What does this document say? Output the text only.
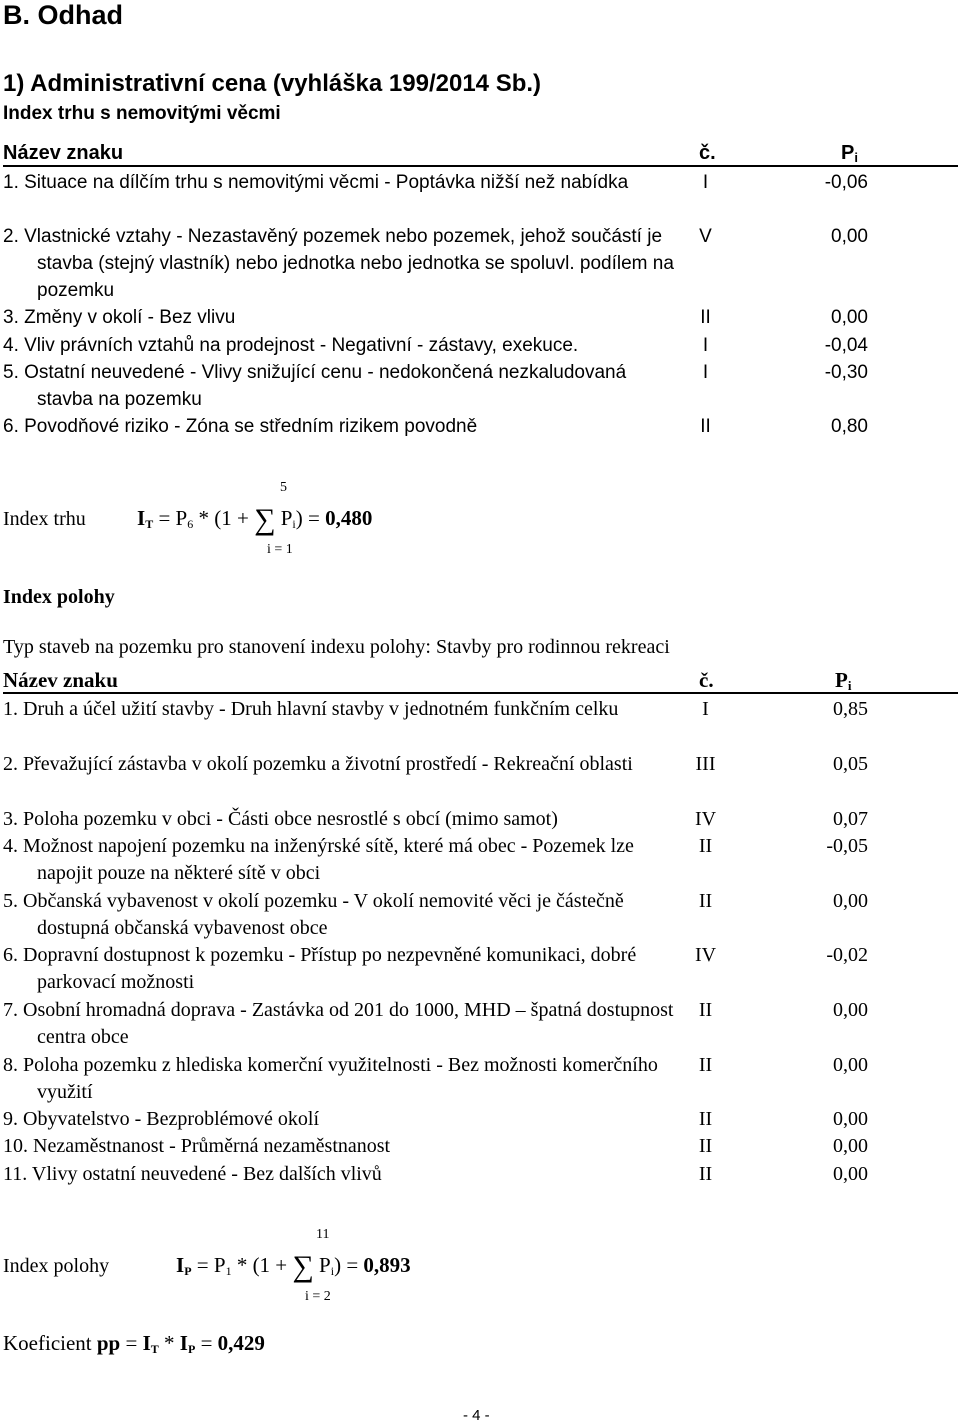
B. Odhad
1) Administrativní cena (vyhláška 199/2014 Sb.)
Index trhu s nemovitými věcmi
Název znaku	č.	$P_i$
1. Situace na dílčím trhu s nemovitými věcmi - Poptávka nižší než nabídka	I	-0,06
2. Vlastnické vztahy - Nezastavěný pozemek nebo pozemek, jehož součástí je stavba (stejný vlastník) nebo jednotka nebo jednotka se spoluvl. podílem na pozemku
V	0,00
3. Změny v okolí - Bez vlivu	II	0,00
4. Vliv právních vztahů na prodejnost - Negativní - zástavy, exekuce.	I	-0,04
5. Ostatní neuvedené - Vlivy snižující cenu - nedokončená nezkaludovaná stavba na pozemku
I	-0,30
6. Povodňové riziko - Zóna se středním rizikem povodně	II	0,80
Index trhu
5
i = 1
$I_T = P_6 * (1$ + ∑ $P_i) = 0,480$
Index polohy
Typ staveb na pozemku pro stanovení indexu polohy: Stavby pro rodinnou rekreaci
Název znaku	č.	$P_i$
1. Druh a účel užití stavby - Druh hlavní stavby v jednotném funkčním celku	I	0,85
2. Převažující zástavba v okolí pozemku a životní prostředí - Rekreační oblasti	III	0,05
3. Poloha pozemku v obci - Části obce nesrostlé s obcí (mimo samot)	IV	0,07
4. Možnost napojení pozemku na inženýrské sítě, které má obec - Pozemek lze napojit pouze na některé sítě v obci
II	-0,05
5. Občanská vybavenost v okolí pozemku - V okolí nemovité věci je částečně dostupná občanská vybavenost obce
II	0,00
6. Dopravní dostupnost k pozemku - Přístup po nezpevněné komunikaci, dobré parkovací možnosti
IV	-0,02
7. Osobní hromadná doprava - Zastávka od 201 do 1000, MHD – špatná dostupnost centra obce
II	0,00
8. Poloha pozemku z hlediska komerční využitelnosti - Bez možnosti komerčního využití
II	0,00
9. Obyvatelstvo - Bezproblémové okolí	II	0,00
10. Nezaměstnanost - Průměrná nezaměstnanost	II	0,00
11. Vlivy ostatní neuvedené - Bez dalších vlivů	II	0,00
Index polohy
11
i = 2
$I_P = P_1 * (1$ + ∑ $P_i) = 0,893$
Koeficient pp = $I_T * I_P = 0,429$
- 4 -
